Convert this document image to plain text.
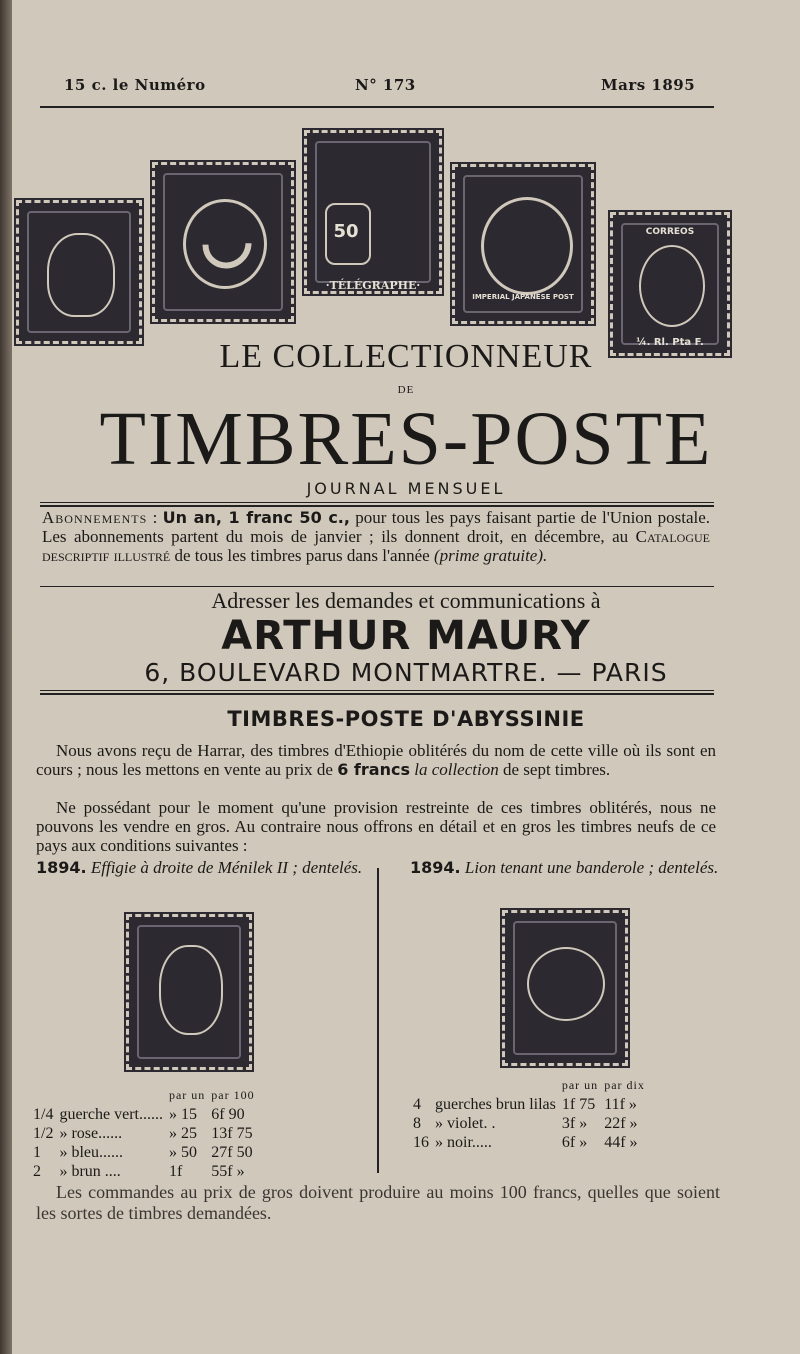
15 c. le Numéro	N° 173	Mars 1895
50
·TÉLÉGRAPHE·
IMPERIAL JAPANESE POST
CORREOS
¼. Rl. Pta F.
LE COLLECTIONNEUR
DE
TIMBRES-POSTE
JOURNAL MENSUEL
Abonnements : Un an, 1 franc 50 c., pour tous les pays faisant partie de l'Union postale. Les abonnements partent du mois de janvier ; ils donnent droit, en décembre, au Catalogue descriptif illustré de tous les timbres parus dans l'année (prime gratuite).
Adresser les demandes et communications à
ARTHUR MAURY
6, BOULEVARD MONTMARTRE. — PARIS
TIMBRES-POSTE D'ABYSSINIE
Nous avons reçu de Harrar, des timbres d'Ethiopie oblitérés du nom de cette ville où ils sont en cours ; nous les mettons en vente au prix de 6 francs la collection de sept timbres.
Ne possédant pour le moment qu'une provision restreinte de ces timbres oblitérés, nous ne pouvons les vendre en gros. Au contraire nous offrons en détail et en gros les timbres neufs de ce pays aux conditions suivantes :
1894. Effigie à droite de Ménilek II ; dentelés.
		par un	par 100
1/4	guerche vert......	» 15	6f 90
1/2	» rose......	» 25	13f 75
1	» bleu......	» 50	27f 50
2	» brun ....	1f	55f »
1894. Lion tenant une banderole ; dentelés.
		par un	par dix
4	guerches brun lilas	1f 75	11f »
8	» violet. .	3f »	22f »
16	» noir.....	6f »	44f »
Les commandes au prix de gros doivent produire au moins 100 francs, quelles que soient les sortes de timbres demandées.
